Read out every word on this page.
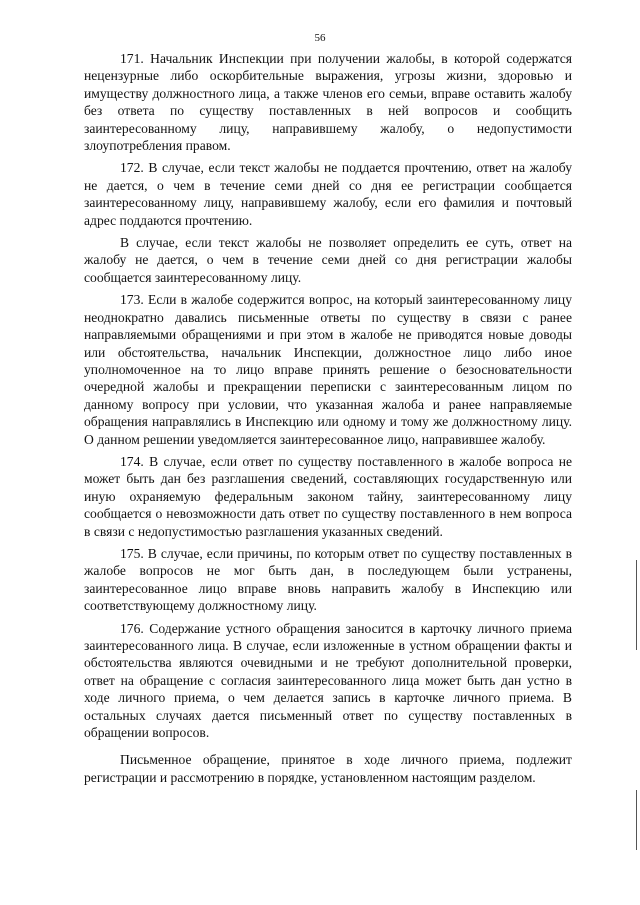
56

171. Начальник Инспекции при получении жалобы, в которой содержатся нецензурные либо оскорбительные выражения, угрозы жизни, здоровью и имуществу должностного лица, а также членов его семьи, вправе оставить жалобу без ответа по существу поставленных в ней вопросов и сообщить заинтересованному лицу, направившему жалобу, о недопустимости злоупотребления правом.

172. В случае, если текст жалобы не поддается прочтению, ответ на жалобу не дается, о чем в течение семи дней со дня ее регистрации сообщается заинтересованному лицу, направившему жалобу, если его фамилия и почтовый адрес поддаются прочтению.

В случае, если текст жалобы не позволяет определить ее суть, ответ на жалобу не дается, о чем в течение семи дней со дня регистрации жалобы сообщается заинтересованному лицу.

173. Если в жалобе содержится вопрос, на который заинтересованному лицу неоднократно давались письменные ответы по существу в связи с ранее направляемыми обращениями и при этом в жалобе не приводятся новые доводы или обстоятельства, начальник Инспекции, должностное лицо либо иное уполномоченное на то лицо вправе принять решение о безосновательности очередной жалобы и прекращении переписки с заинтересованным лицом по данному вопросу при условии, что указанная жалоба и ранее направляемые обращения направлялись в Инспекцию или одному и тому же должностному лицу. О данном решении уведомляется заинтересованное лицо, направившее жалобу.

174. В случае, если ответ по существу поставленного в жалобе вопроса не может быть дан без разглашения сведений, составляющих государственную или иную охраняемую федеральным законом тайну, заинтересованному лицу сообщается о невозможности дать ответ по существу поставленного в нем вопроса в связи с недопустимостью разглашения указанных сведений.

175. В случае, если причины, по которым ответ по существу поставленных в жалобе вопросов не мог быть дан, в последующем были устранены, заинтересованное лицо вправе вновь направить жалобу в Инспекцию или соответствующему должностному лицу.

176. Содержание устного обращения заносится в карточку личного приема заинтересованного лица. В случае, если изложенные в устном обращении факты и обстоятельства являются очевидными и не требуют дополнительной проверки, ответ на обращение с согласия заинтересованного лица может быть дан устно в ходе личного приема, о чем делается запись в карточке личного приема. В остальных случаях дается письменный ответ по существу поставленных в обращении вопросов.

Письменное обращение, принятое в ходе личного приема, подлежит регистрации и рассмотрению в порядке, установленном настоящим разделом.
